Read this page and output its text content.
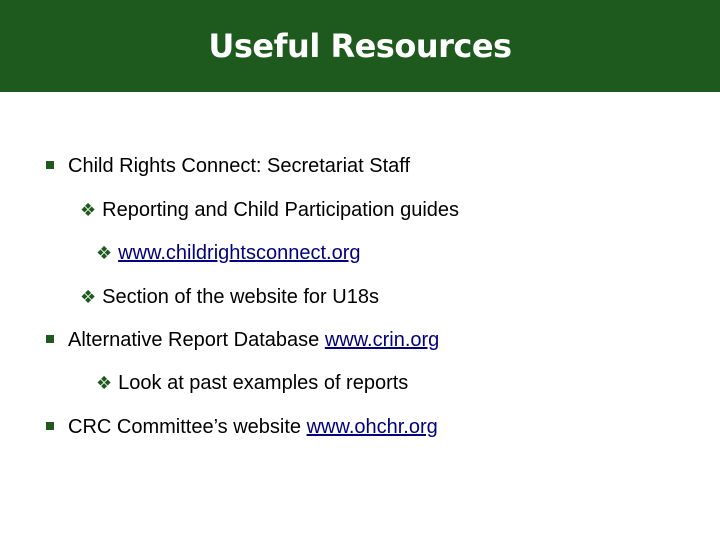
Useful Resources
Child Rights Connect: Secretariat Staff
❖ Reporting and Child Participation guides
❖ www.childrightsconnect.org
❖ Section of the website for U18s
Alternative Report Database www.crin.org
❖ Look at past examples of reports
CRC Committee’s website www.ohchr.org
